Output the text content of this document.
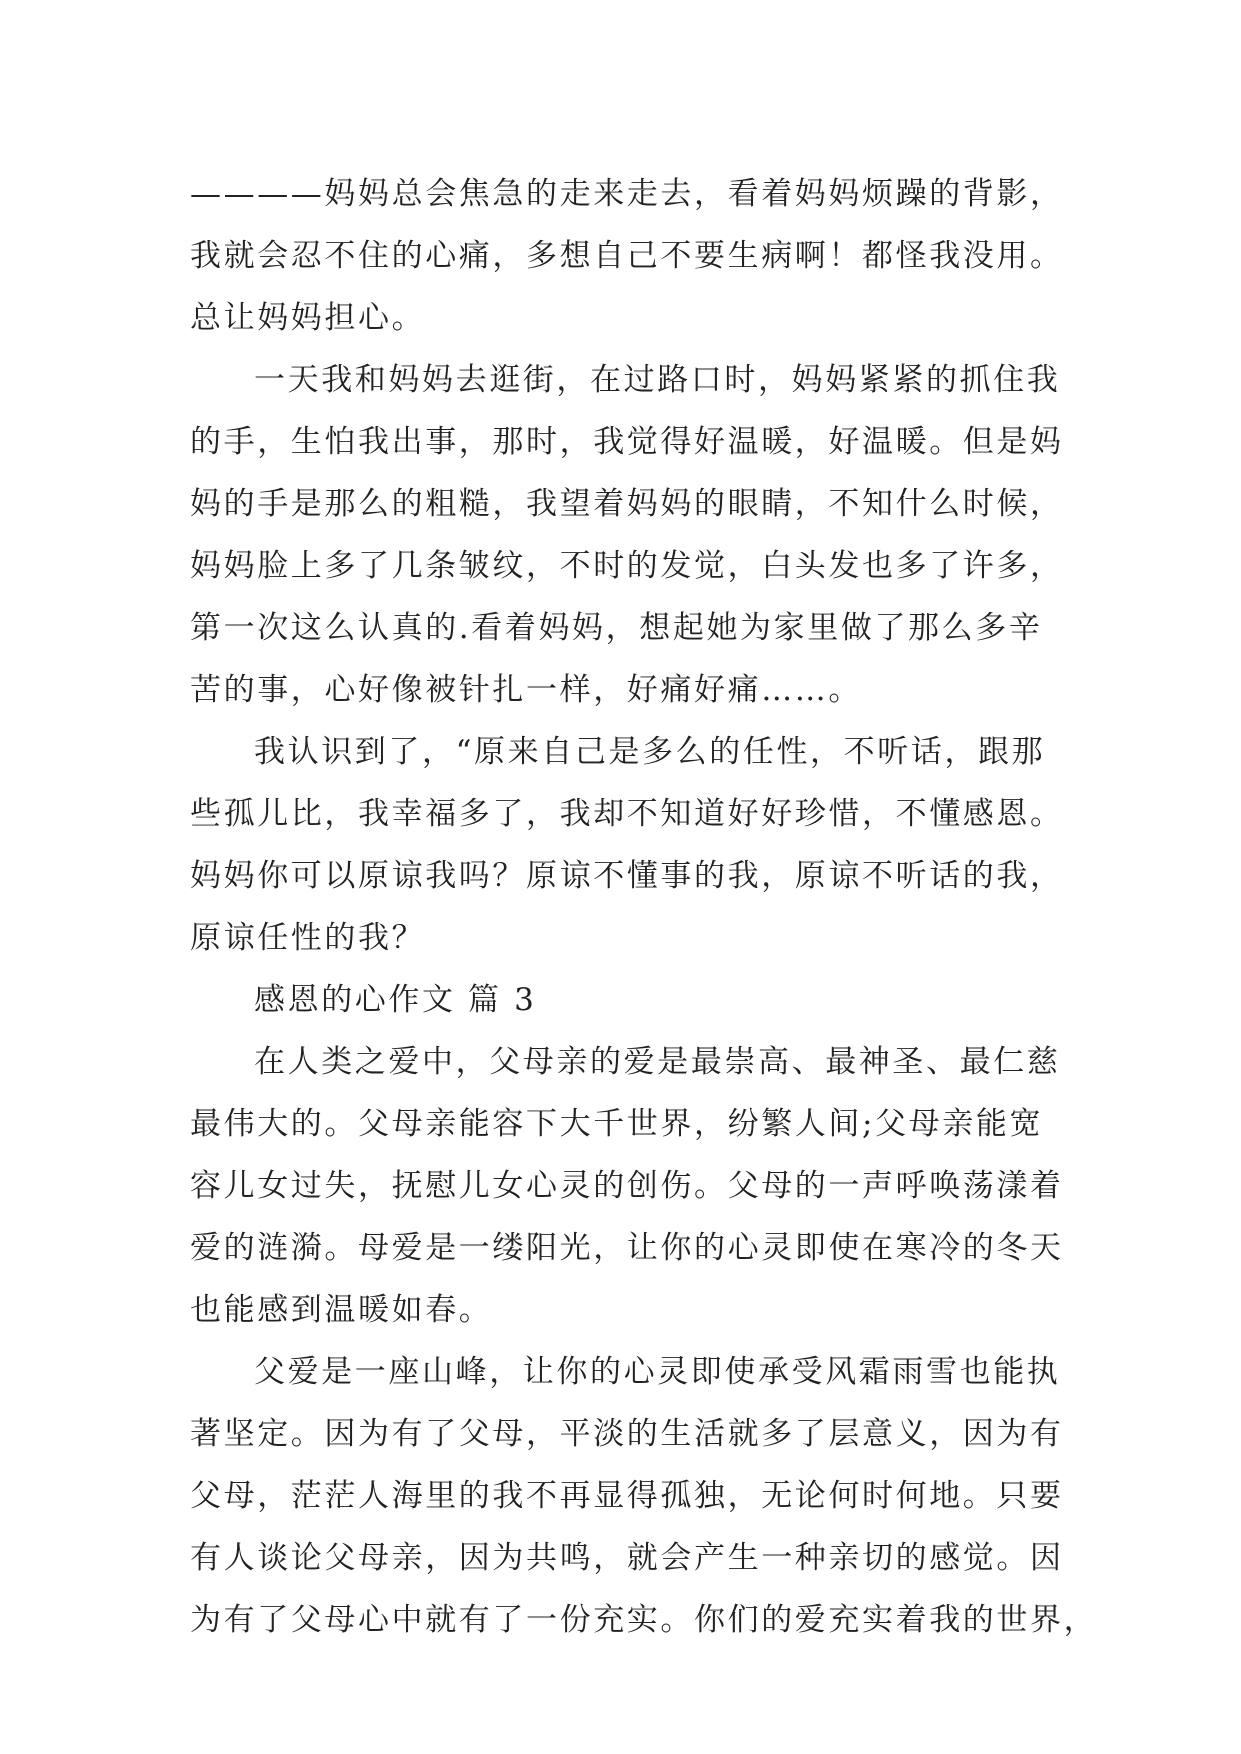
————妈妈总会焦急的走来走去，看着妈妈烦躁的背影，
我就会忍不住的心痛，多想自己不要生病啊！都怪我没用。
总让妈妈担心。
一天我和妈妈去逛街，在过路口时，妈妈紧紧的抓住我
的手，生怕我出事，那时，我觉得好温暖，好温暖。但是妈
妈的手是那么的粗糙，我望着妈妈的眼睛，不知什么时候，
妈妈脸上多了几条皱纹，不时的发觉，白头发也多了许多，
第一次这么认真的.看着妈妈，想起她为家里做了那么多辛
苦的事，心好像被针扎一样，好痛好痛……。
我认识到了，“原来自己是多么的任性，不听话，跟那
些孤儿比，我幸福多了，我却不知道好好珍惜，不懂感恩。
妈妈你可以原谅我吗？原谅不懂事的我，原谅不听话的我，
原谅任性的我？
感恩的心作文 篇 3
在人类之爱中，父母亲的爱是最崇高、最神圣、最仁慈
最伟大的。父母亲能容下大千世界，纷繁人间;父母亲能宽
容儿女过失，抚慰儿女心灵的创伤。父母的一声呼唤荡漾着
爱的涟漪。母爱是一缕阳光，让你的心灵即使在寒冷的冬天
也能感到温暖如春。
父爱是一座山峰，让你的心灵即使承受风霜雨雪也能执
著坚定。因为有了父母，平淡的生活就多了层意义，因为有
父母，茫茫人海里的我不再显得孤独，无论何时何地。只要
有人谈论父母亲，因为共鸣，就会产生一种亲切的感觉。因
为有了父母心中就有了一份充实。你们的爱充实着我的世界，
